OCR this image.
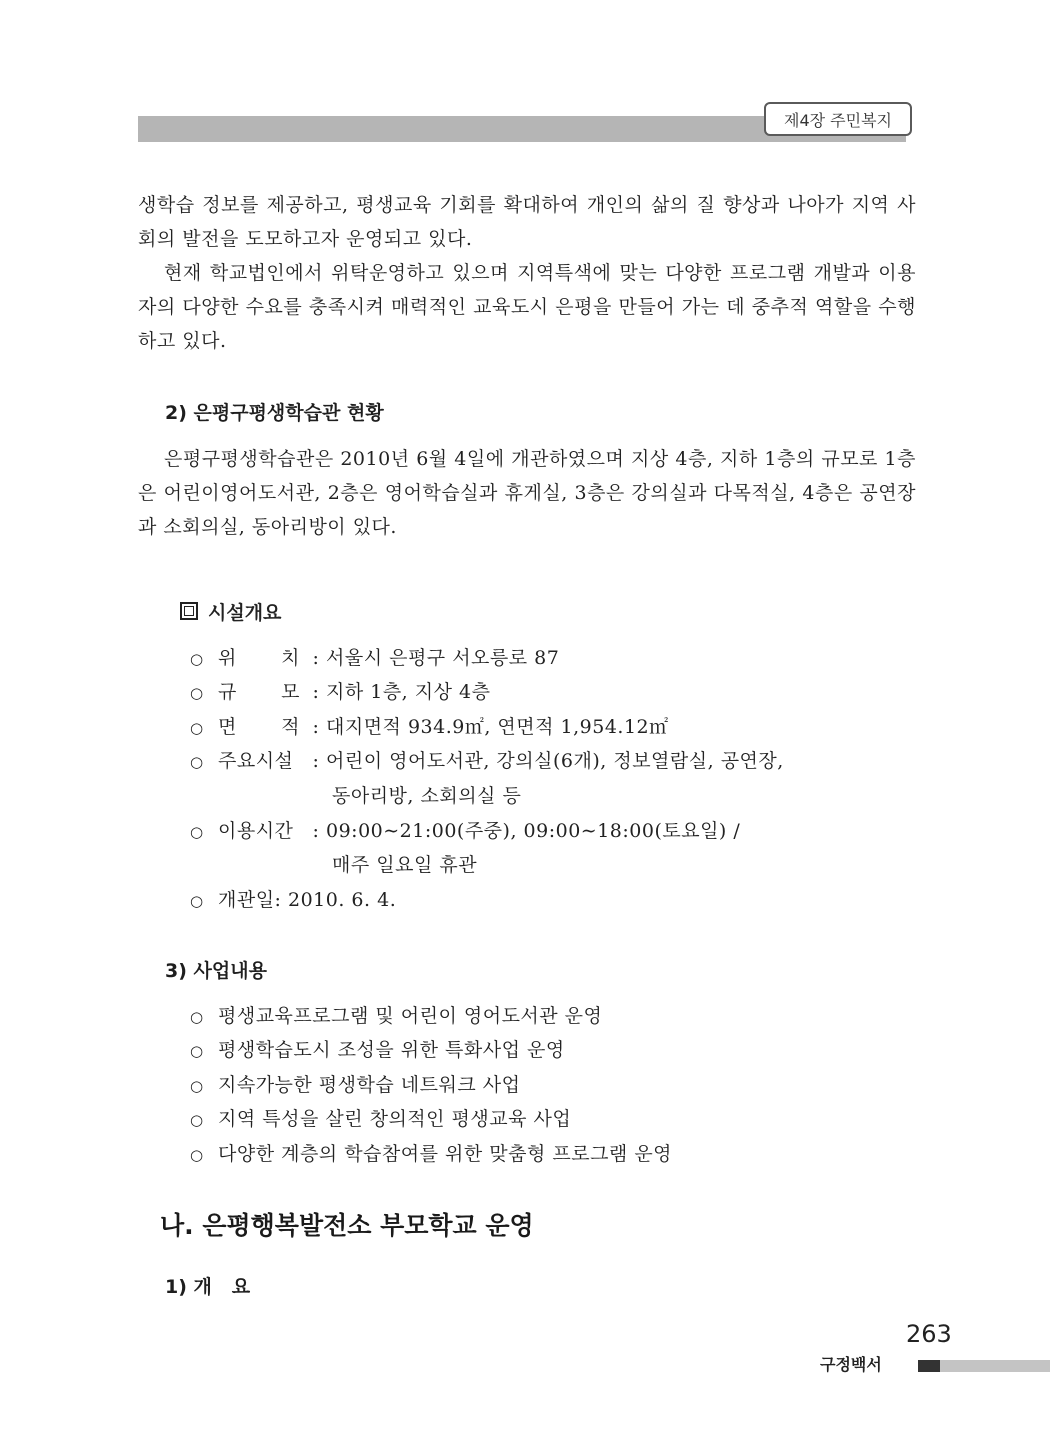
제4장 주민복지
생학습 정보를 제공하고, 평생교육 기회를 확대하여 개인의 삶의 질 향상과 나아가 지역 사회의 발전을 도모하고자 운영되고 있다.
현재 학교법인에서 위탁운영하고 있으며 지역특색에 맞는 다양한 프로그램 개발과 이용자의 다양한 수요를 충족시켜 매력적인 교육도시 은평을 만들어 가는 데 중추적 역할을 수행하고 있다.
2) 은평구평생학습관 현황
은평구평생학습관은 2010년 6월 4일에 개관하였으며 지상 4층, 지하 1층의 규모로 1층은 어린이영어도서관, 2층은 영어학습실과 휴게실, 3층은 강의실과 다목적실, 4층은 공연장과 소회의실, 동아리방이 있다.
시설개요
○ 위 치 : 서울시 은평구 서오릉로 87
○ 규 모 : 지하 1층, 지상 4층
○ 면 적 : 대지면적 934.9㎡, 연면적 1,954.12㎡
○ 주요시설 : 어린이 영어도서관, 강의실(6개), 정보열람실, 공연장,
동아리방, 소회의실 등
○ 이용시간 : 09:00∼21:00(주중), 09:00∼18:00(토요일) /
매주 일요일 휴관
○ 개관일: 2010. 6. 4.
3) 사업내용
○ 평생교육프로그램 및 어린이 영어도서관 운영
○ 평생학습도시 조성을 위한 특화사업 운영
○ 지속가능한 평생학습 네트워크 사업
○ 지역 특성을 살린 창의적인 평생교육 사업
○ 다양한 계층의 학습참여를 위한 맞춤형 프로그램 운영
나. 은평행복발전소 부모학교 운영
1) 개   요
263
구정백서
